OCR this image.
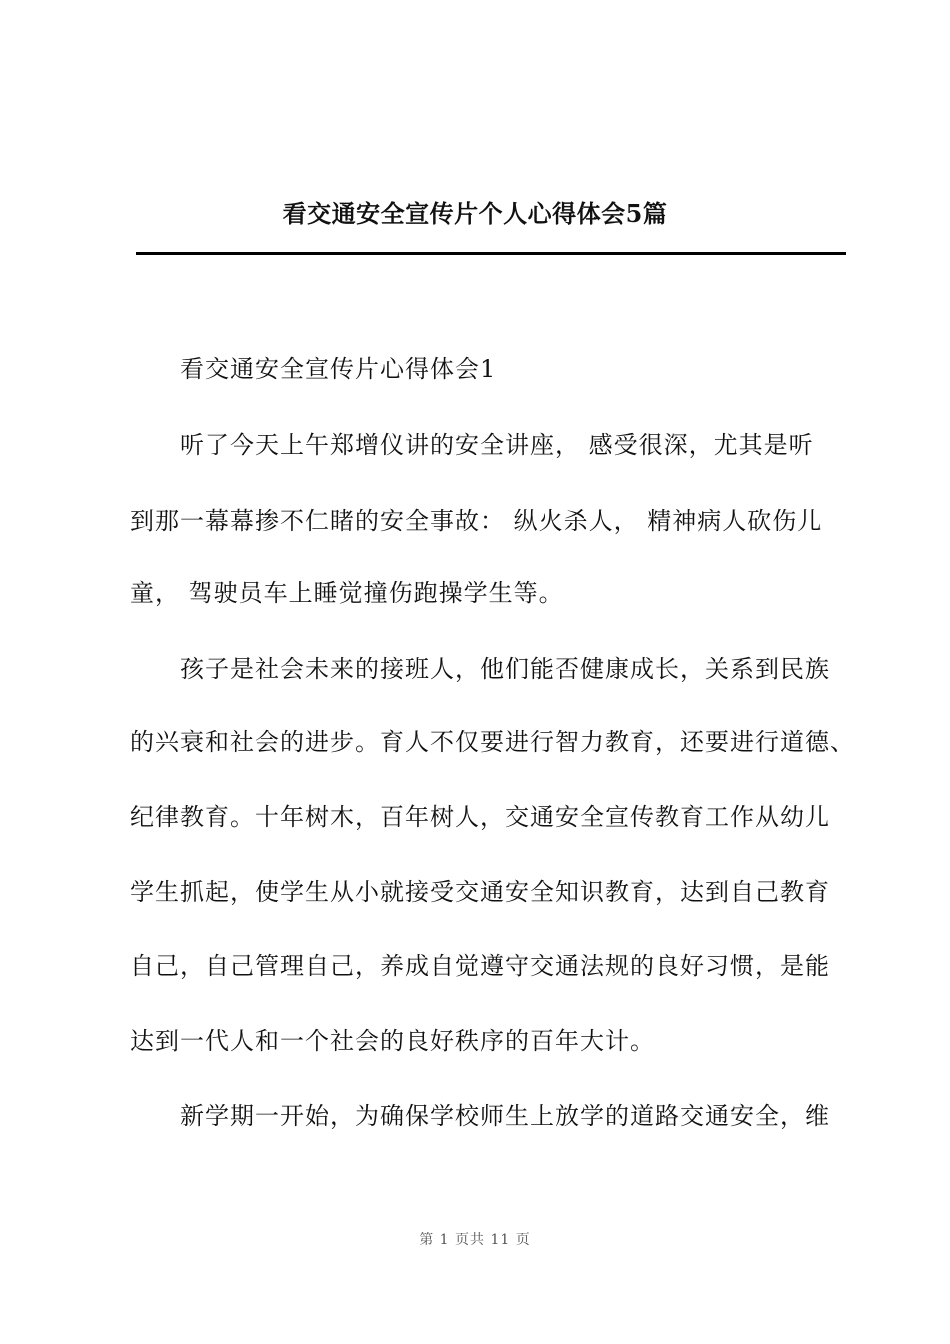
看交通安全宣传片个人心得体会5篇
看交通安全宣传片心得体会1
听了今天上午郑增仪讲的安全讲座， 感受很深，尤其是听
到那一幕幕掺不仁睹的安全事故： 纵火杀人， 精神病人砍伤儿
童， 驾驶员车上睡觉撞伤跑操学生等。
孩子是社会未来的接班人，他们能否健康成长，关系到民族
的兴衰和社会的进步。育人不仅要进行智力教育，还要进行道德、
纪律教育。十年树木，百年树人，交通安全宣传教育工作从幼儿
学生抓起，使学生从小就接受交通安全知识教育，达到自己教育
自己，自己管理自己，养成自觉遵守交通法规的良好习惯，是能
达到一代人和一个社会的良好秩序的百年大计。
新学期一开始，为确保学校师生上放学的道路交通安全，维
第 1 页共 11 页
